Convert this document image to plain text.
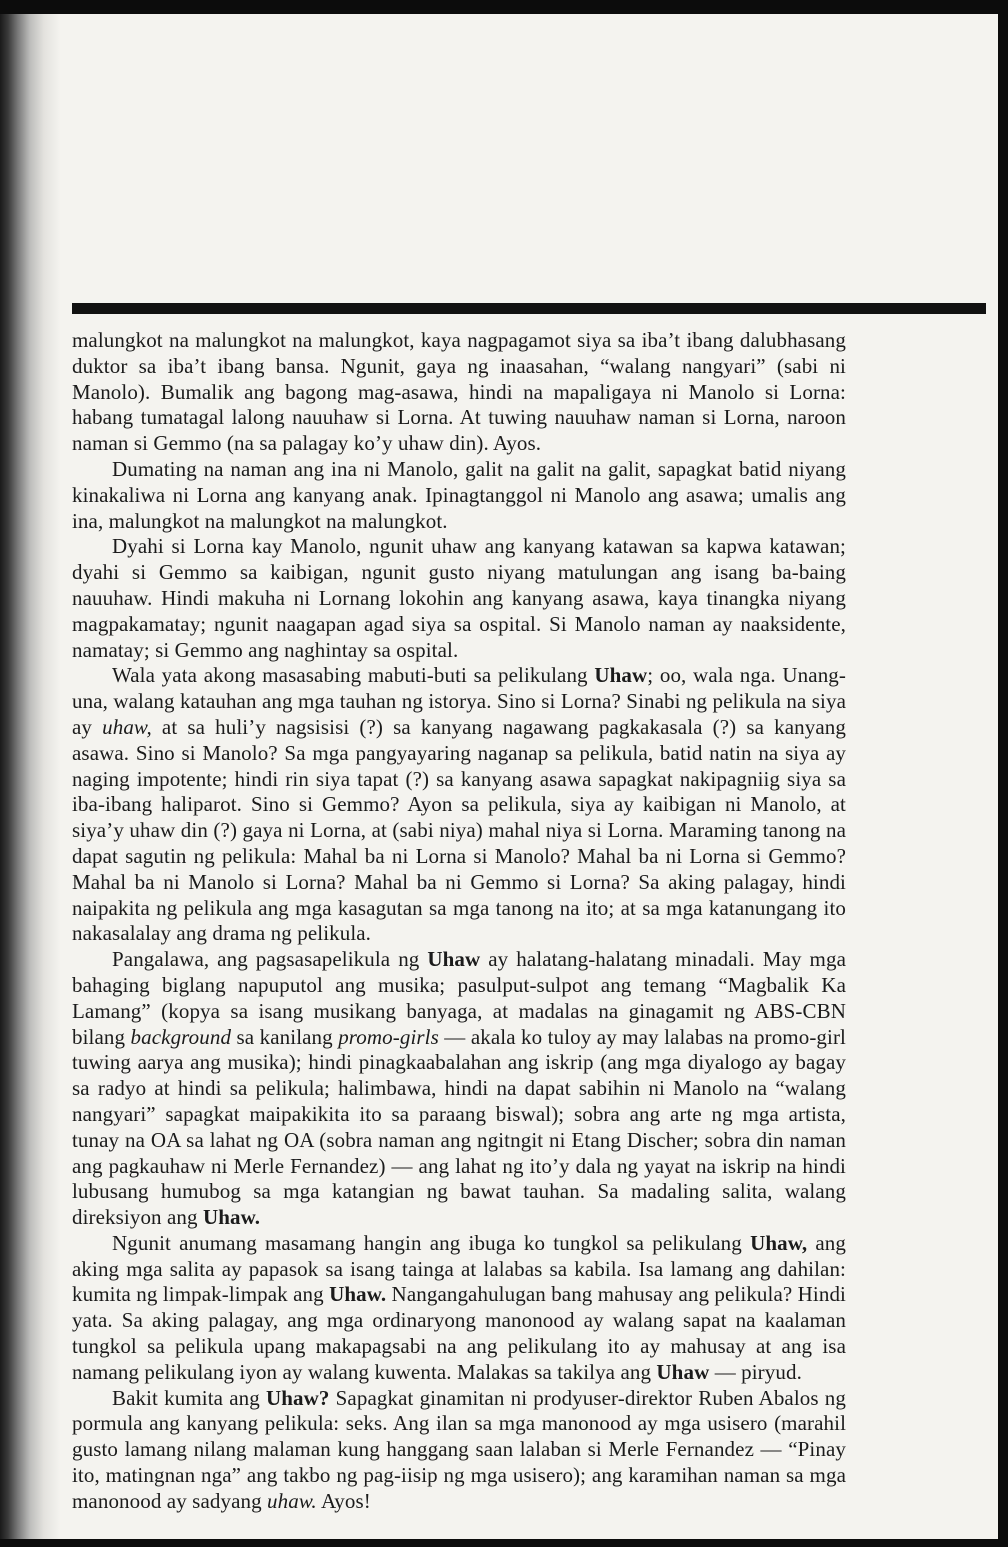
malungkot na malungkot na malungkot, kaya nagpagamot siya sa iba’t ibang dalubhasang duktor sa iba’t ibang bansa. Ngunit, gaya ng inaasahan, “walang nangyari” (sabi ni Manolo). Bumalik ang bagong mag-asawa, hindi na mapaligaya ni Manolo si Lorna: habang tumatagal lalong nauuhaw si Lorna. At tuwing nauuhaw naman si Lorna, naroon naman si Gemmo (na sa palagay ko’y uhaw din). Ayos.

Dumating na naman ang ina ni Manolo, galit na galit na galit, sapagkat batid niyang kinakaliwa ni Lorna ang kanyang anak. Ipinagtanggol ni Manolo ang asawa; umalis ang ina, malungkot na malungkot na malungkot.

Dyahi si Lorna kay Manolo, ngunit uhaw ang kanyang katawan sa kapwa katawan; dyahi si Gemmo sa kaibigan, ngunit gusto niyang matulungan ang isang ba-baing nauuhaw. Hindi makuha ni Lornang lokohin ang kanyang asawa, kaya tinangka niyang magpakamatay; ngunit naagapan agad siya sa ospital. Si Manolo naman ay naaksidente, namatay; si Gemmo ang naghintay sa ospital.

Wala yata akong masasabing mabuti-buti sa pelikulang Uhaw; oo, wala nga. Unang-una, walang katauhan ang mga tauhan ng istorya. Sino si Lorna? Sinabi ng pelikula na siya ay uhaw, at sa huli’y nagsisisi (?) sa kanyang nagawang pagkakasala (?) sa kanyang asawa. Sino si Manolo? Sa mga pangyayaring naganap sa pelikula, batid natin na siya ay naging impotente; hindi rin siya tapat (?) sa kanyang asawa sapagkat nakipagniig siya sa iba-ibang haliparot. Sino si Gemmo? Ayon sa pelikula, siya ay kaibigan ni Manolo, at siya’y uhaw din (?) gaya ni Lorna, at (sabi niya) mahal niya si Lorna. Maraming tanong na dapat sagutin ng pelikula: Mahal ba ni Lorna si Manolo? Mahal ba ni Lorna si Gemmo? Mahal ba ni Manolo si Lorna? Mahal ba ni Gemmo si Lorna? Sa aking palagay, hindi naipakita ng pelikula ang mga kasagutan sa mga tanong na ito; at sa mga katanungang ito nakasalalay ang drama ng pelikula.

Pangalawa, ang pagsasapelikula ng Uhaw ay halatang-halatang minadali. May mga bahaging biglang napuputol ang musika; pasulput-sulpot ang temang “Magbalik Ka Lamang” (kopya sa isang musikang banyaga, at madalas na ginagamit ng ABS-CBN bilang background sa kanilang promo-girls — akala ko tuloy ay may lalabas na promo-girl tuwing aarya ang musika); hindi pinagkaabalahan ang iskrip (ang mga diyalogo ay bagay sa radyo at hindi sa pelikula; halimbawa, hindi na dapat sabihin ni Manolo na “walang nangyari” sapagkat maipakikita ito sa paraang biswal); sobra ang arte ng mga artista, tunay na OA sa lahat ng OA (sobra naman ang ngitngit ni Etang Discher; sobra din naman ang pagkauhaw ni Merle Fernandez) — ang lahat ng ito’y dala ng yayat na iskrip na hindi lubusang humubog sa mga katangian ng bawat tauhan. Sa madaling salita, walang direksiyon ang Uhaw.

Ngunit anumang masamang hangin ang ibuga ko tungkol sa pelikulang Uhaw, ang aking mga salita ay papasok sa isang tainga at lalabas sa kabila. Isa lamang ang dahilan: kumita ng limpak-limpak ang Uhaw. Nangangahulugan bang mahusay ang pelikula? Hindi yata. Sa aking palagay, ang mga ordinaryong manonood ay walang sapat na kaalaman tungkol sa pelikula upang makapagsabi na ang pelikulang ito ay mahusay at ang isa namang pelikulang iyon ay walang kuwenta. Malakas sa takilya ang Uhaw — piryud.

Bakit kumita ang Uhaw? Sapagkat ginamitan ni prodyuser-direktor Ruben Abalos ng pormula ang kanyang pelikula: seks. Ang ilan sa mga manonood ay mga usisero (marahil gusto lamang nilang malaman kung hanggang saan lalaban si Merle Fernandez — “Pinay ito, matingnan nga” ang takbo ng pag-iisip ng mga usisero); ang karamihan naman sa mga manonood ay sadyang uhaw. Ayos!
